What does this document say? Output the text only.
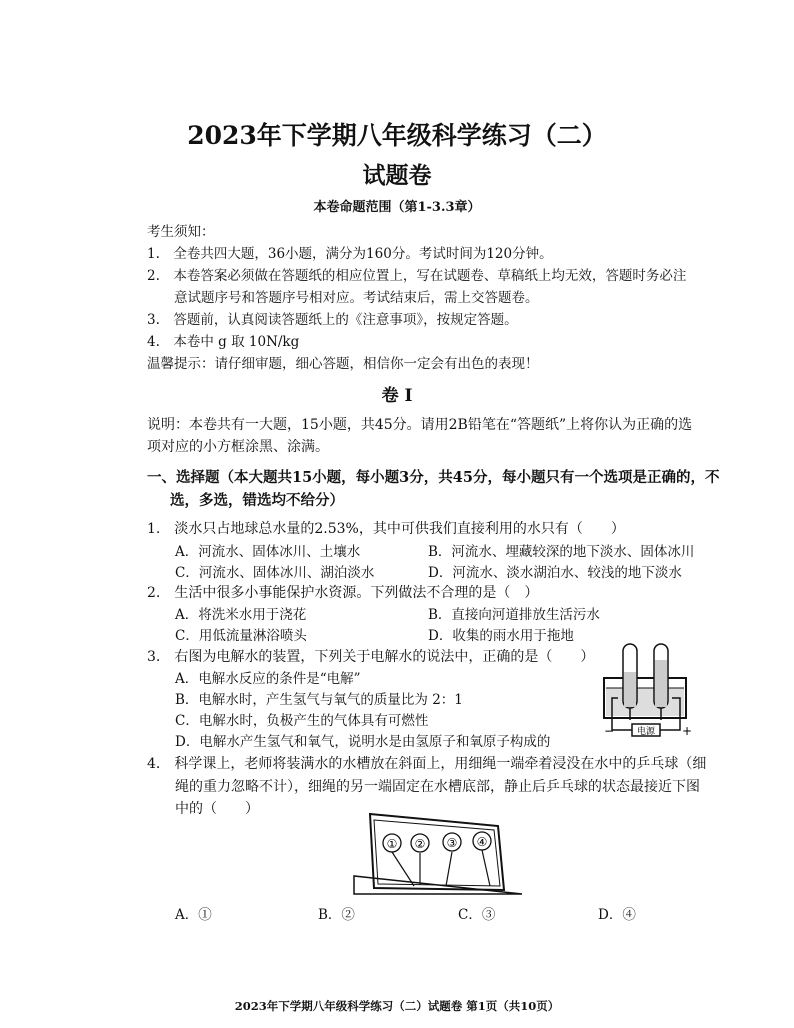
2023年下学期八年级科学练习（二）
试题卷
本卷命题范围（第1-3.3章）
考生须知：
1.　全卷共四大题，36小题，满分为160分。考试时间为120分钟。
2.　本卷答案必须做在答题纸的相应位置上，写在试题卷、草稿纸上均无效，答题时务必注
　　意试题序号和答题序号相对应。考试结束后，需上交答题卷。
3.　答题前，认真阅读答题纸上的《注意事项》，按规定答题。
4.　本卷中 g 取 10N/kg
温馨提示：请仔细审题，细心答题，相信你一定会有出色的表现！
卷 I
说明：本卷共有一大题，15小题，共45分。请用2B铅笔在“答题纸”上将你认为正确的选
项对应的小方框涂黑、涂满。
一、选择题（本大题共15小题，每小题3分，共45分，每小题只有一个选项是正确的，不
选，多选，错选均不给分）
1.　淡水只占地球总水量的2.53%，其中可供我们直接利用的水只有（　　）
A．河流水、固体冰川、土壤水	B．河流水、埋藏较深的地下淡水、固体冰川
C．河流水、固体冰川、湖泊淡水	D．河流水、淡水湖泊水、较浅的地下淡水
2.　生活中很多小事能保护水资源。下列做法不合理的是（　）
A．将洗米水用于浇花	B．直接向河道排放生活污水
C．用低流量淋浴喷头	D．收集的雨水用于拖地
3.　右图为电解水的装置，下列关于电解水的说法中，正确的是（　　）
A．电解水反应的条件是“电解”
B．电解水时，产生氢气与氧气的质量比为 2：1
C．电解水时，负极产生的气体具有可燃性
D．电解水产生氢气和氧气，说明水是由氢原子和氧原子构成的
电源
−	+
4.　科学课上，老师将装满水的水槽放在斜面上，用细绳一端牵着浸没在水中的乒乓球（细
　　绳的重力忽略不计），细绳的另一端固定在水槽底部，静止后乒乓球的状态最接近下图
　　中的（　　）
① ② ③ ④
A．①	B．②	C．③	D．④
2023年下学期八年级科学练习（二）试题卷 第1页（共10页）
